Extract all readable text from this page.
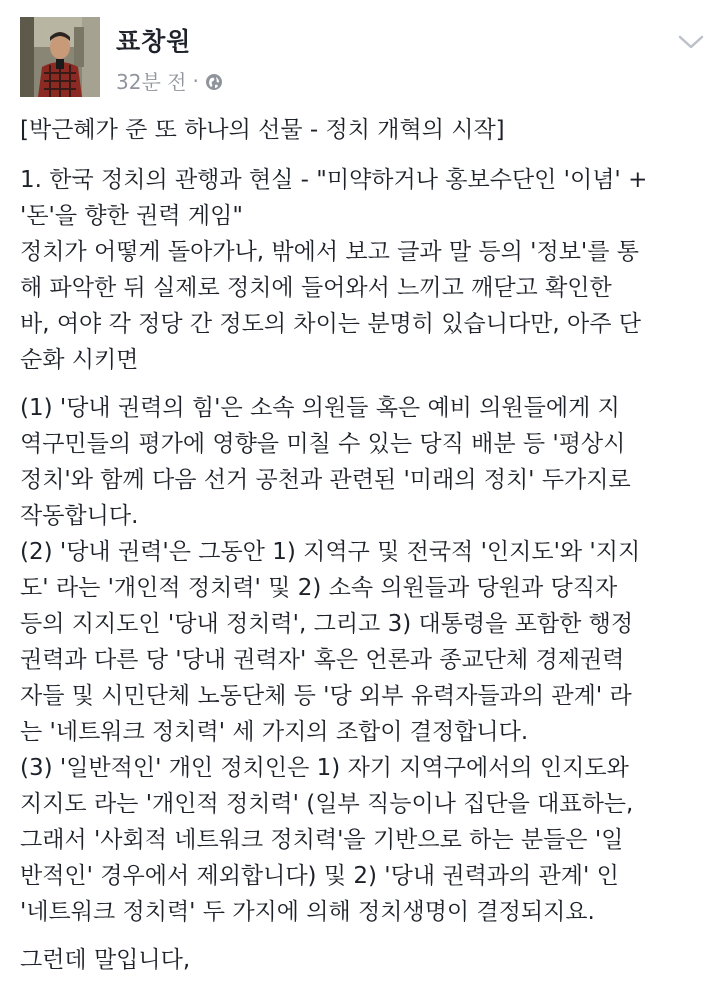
표창원
32분 전 ·

[박근혜가 준 또 하나의 선물 - 정치 개혁의 시작]

1. 한국 정치의 관행과 현실 - "미약하거나 홍보수단인 '이념' +
'돈'을 향한 권력 게임"
정치가 어떻게 돌아가나, 밖에서 보고 글과 말 등의 '정보'를 통
해 파악한 뒤 실제로 정치에 들어와서 느끼고 깨닫고 확인한
바, 여야 각 정당 간 정도의 차이는 분명히 있습니다만, 아주 단
순화 시키면

(1) '당내 권력의 힘'은 소속 의원들 혹은 예비 의원들에게 지
역구민들의 평가에 영향을 미칠 수 있는 당직 배분 등 '평상시
정치'와 함께 다음 선거 공천과 관련된 '미래의 정치' 두가지로
작동합니다.
(2) '당내 권력'은 그동안 1) 지역구 및 전국적 '인지도'와 '지지
도' 라는 '개인적 정치력' 및 2) 소속 의원들과 당원과 당직자
등의 지지도인 '당내 정치력', 그리고 3) 대통령을 포함한 행정
권력과 다른 당 '당내 권력자' 혹은 언론과 종교단체 경제권력
자들 및 시민단체 노동단체 등 '당 외부 유력자들과의 관계' 라
는 '네트워크 정치력' 세 가지의 조합이 결정합니다.
(3) '일반적인' 개인 정치인은 1) 자기 지역구에서의 인지도와
지지도 라는 '개인적 정치력' (일부 직능이나 집단을 대표하는,
그래서 '사회적 네트워크 정치력'을 기반으로 하는 분들은 '일
반적인' 경우에서 제외합니다) 및 2) '당내 권력과의 관계' 인
'네트워크 정치력' 두 가지에 의해 정치생명이 결정되지요.

그런데 말입니다,
